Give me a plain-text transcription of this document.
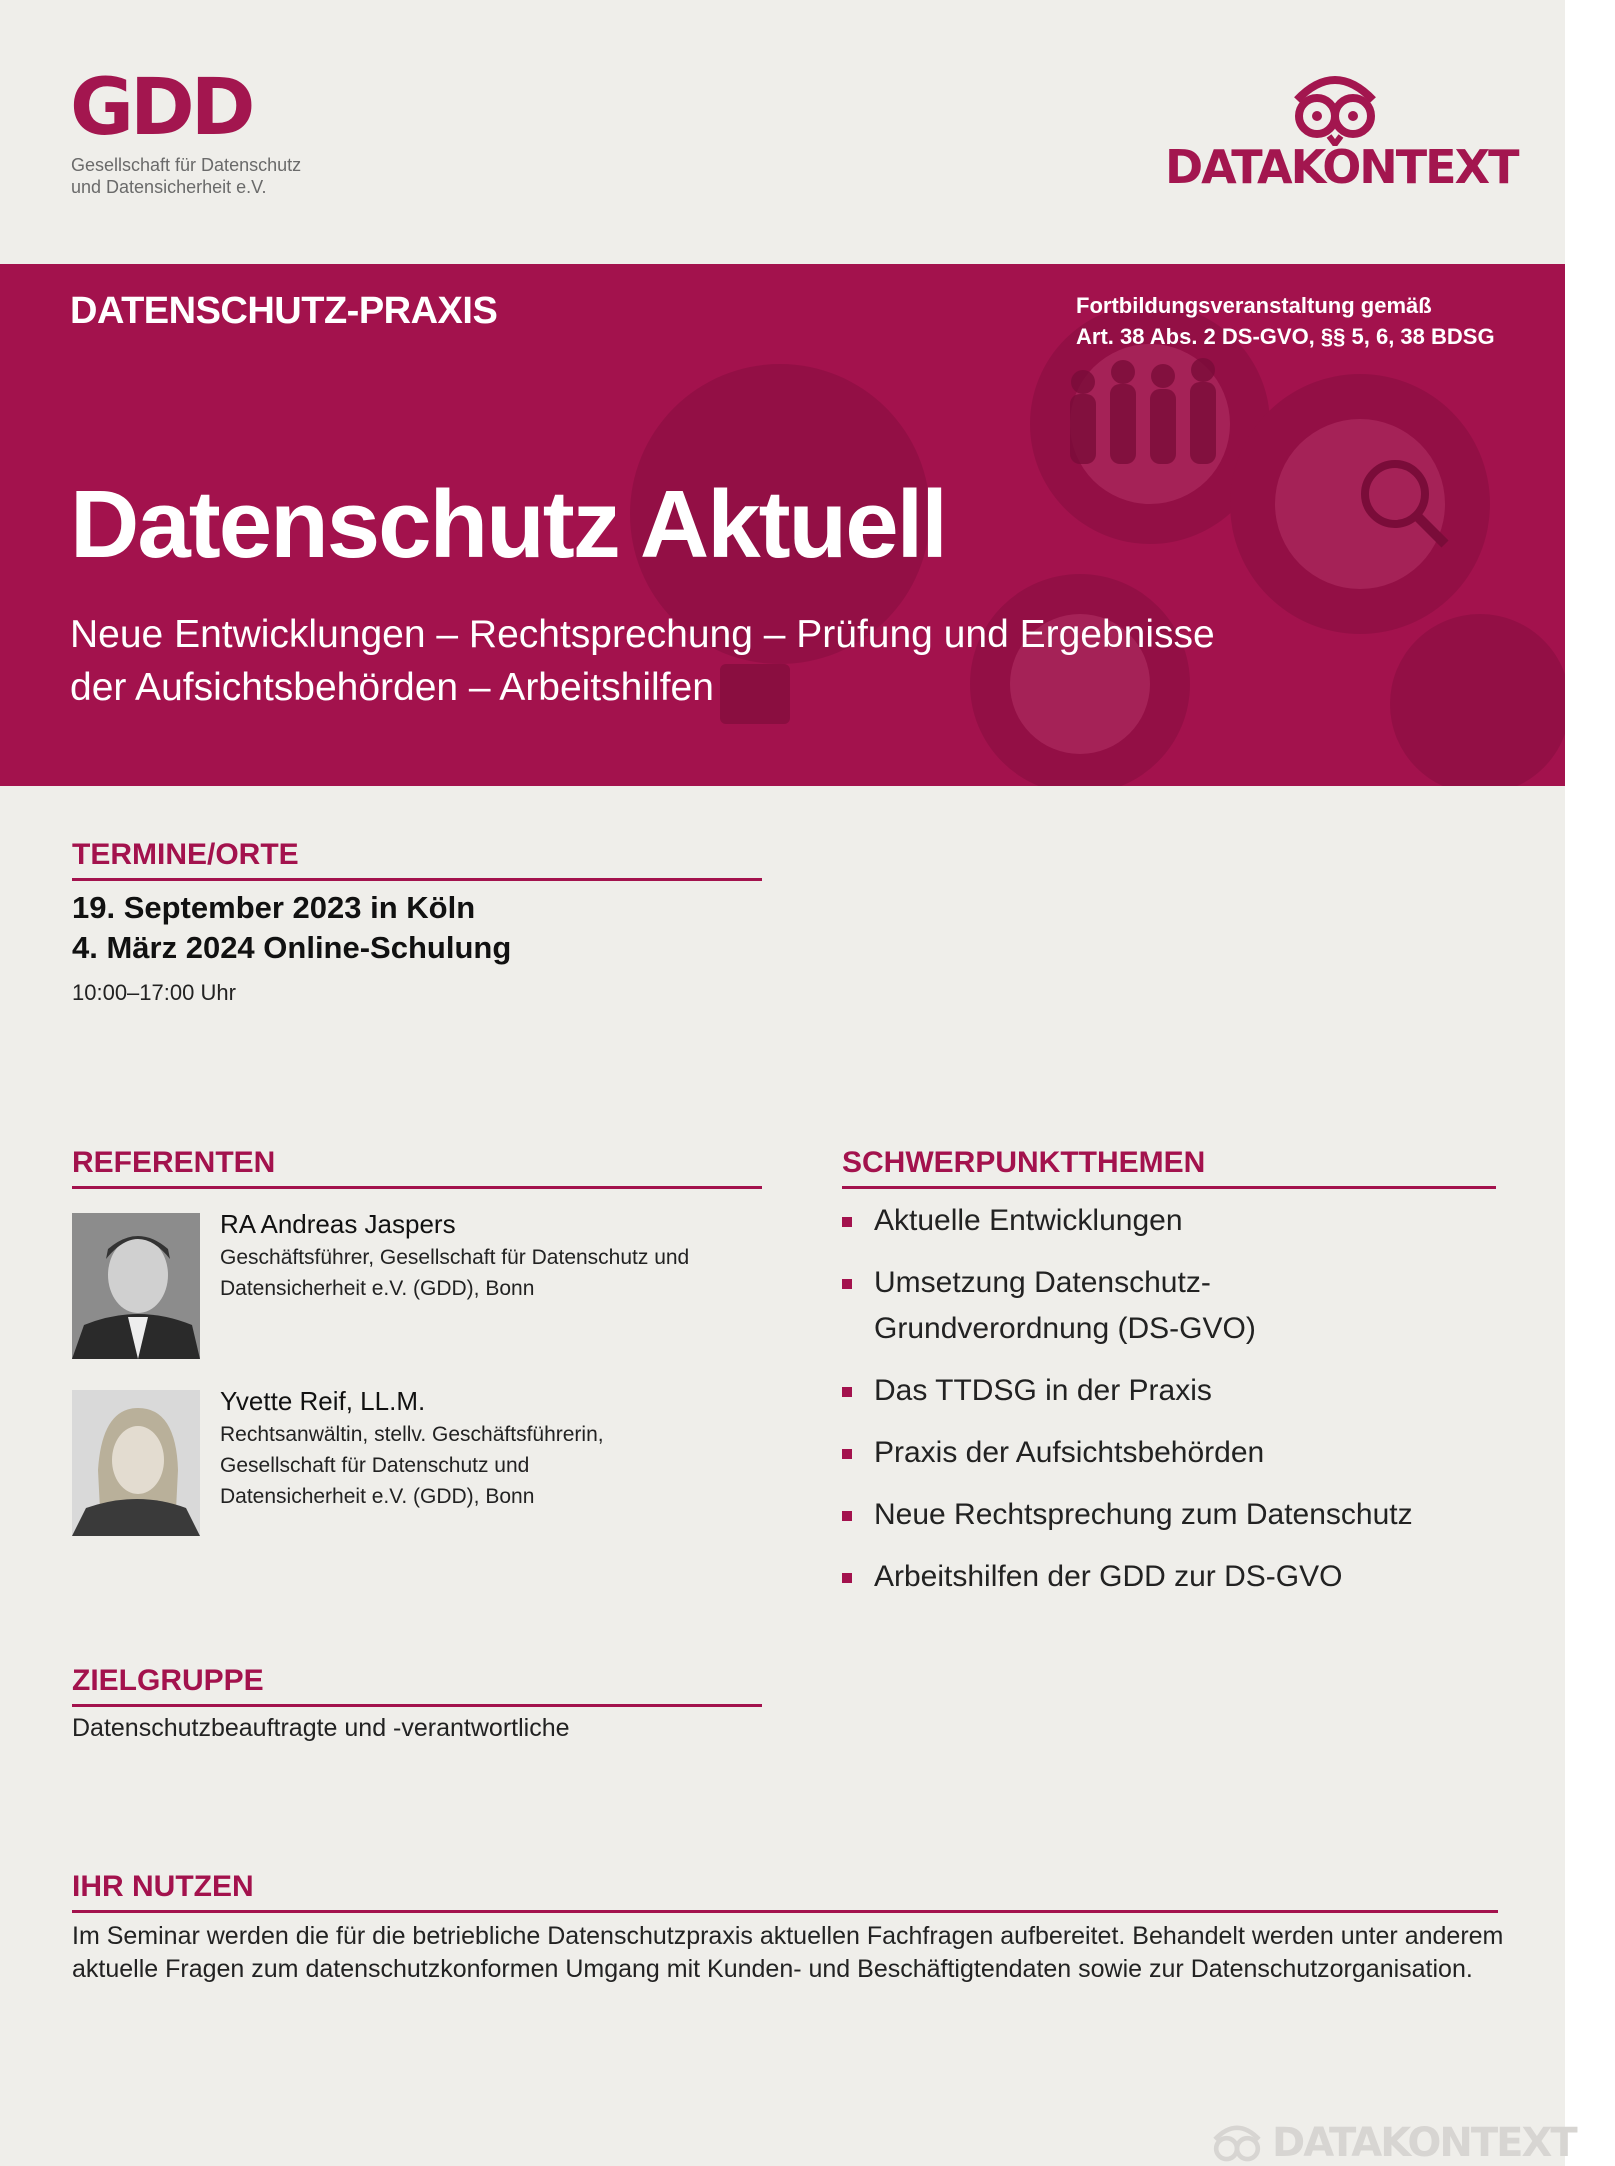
GDD
Gesellschaft für Datenschutz
und Datensicherheit e.V.	DATAKONTEXT
DATENSCHUTZ-PRAXIS	Fortbildungsveranstaltung gemäß
Art. 38 Abs. 2 DS-GVO, §§ 5, 6, 38 BDSG
Datenschutz Aktuell
Neue Entwicklungen – Rechtsprechung – Prüfung und Ergebnisse
der Aufsichtsbehörden – Arbeitshilfen
TERMINE/ORTE
19. September 2023 in Köln
4. März 2024 Online-Schulung
10:00–17:00 Uhr
REFERENTEN
RA Andreas Jaspers
Geschäftsführer, Gesellschaft für Datenschutz und
Datensicherheit e.V. (GDD), Bonn
Yvette Reif, LL.M.
Rechtsanwältin, stellv. Geschäftsführerin,
Gesellschaft für Datenschutz und
Datensicherheit e.V. (GDD), Bonn
SCHWERPUNKTTHEMEN
Aktuelle Entwicklungen
Umsetzung Datenschutz-Grundverordnung (DS-GVO)
Das TTDSG in der Praxis
Praxis der Aufsichtsbehörden
Neue Rechtsprechung zum Datenschutz
Arbeitshilfen der GDD zur DS-GVO
ZIELGRUPPE
Datenschutzbeauftragte und -verantwortliche
IHR NUTZEN
Im Seminar werden die für die betriebliche Datenschutzpraxis aktuellen Fachfragen aufbereitet. Behandelt werden unter anderem
aktuelle Fragen zum datenschutzkonformen Umgang mit Kunden- und Beschäftigtendaten sowie zur Datenschutzorganisation.
DATAKONTEXT
